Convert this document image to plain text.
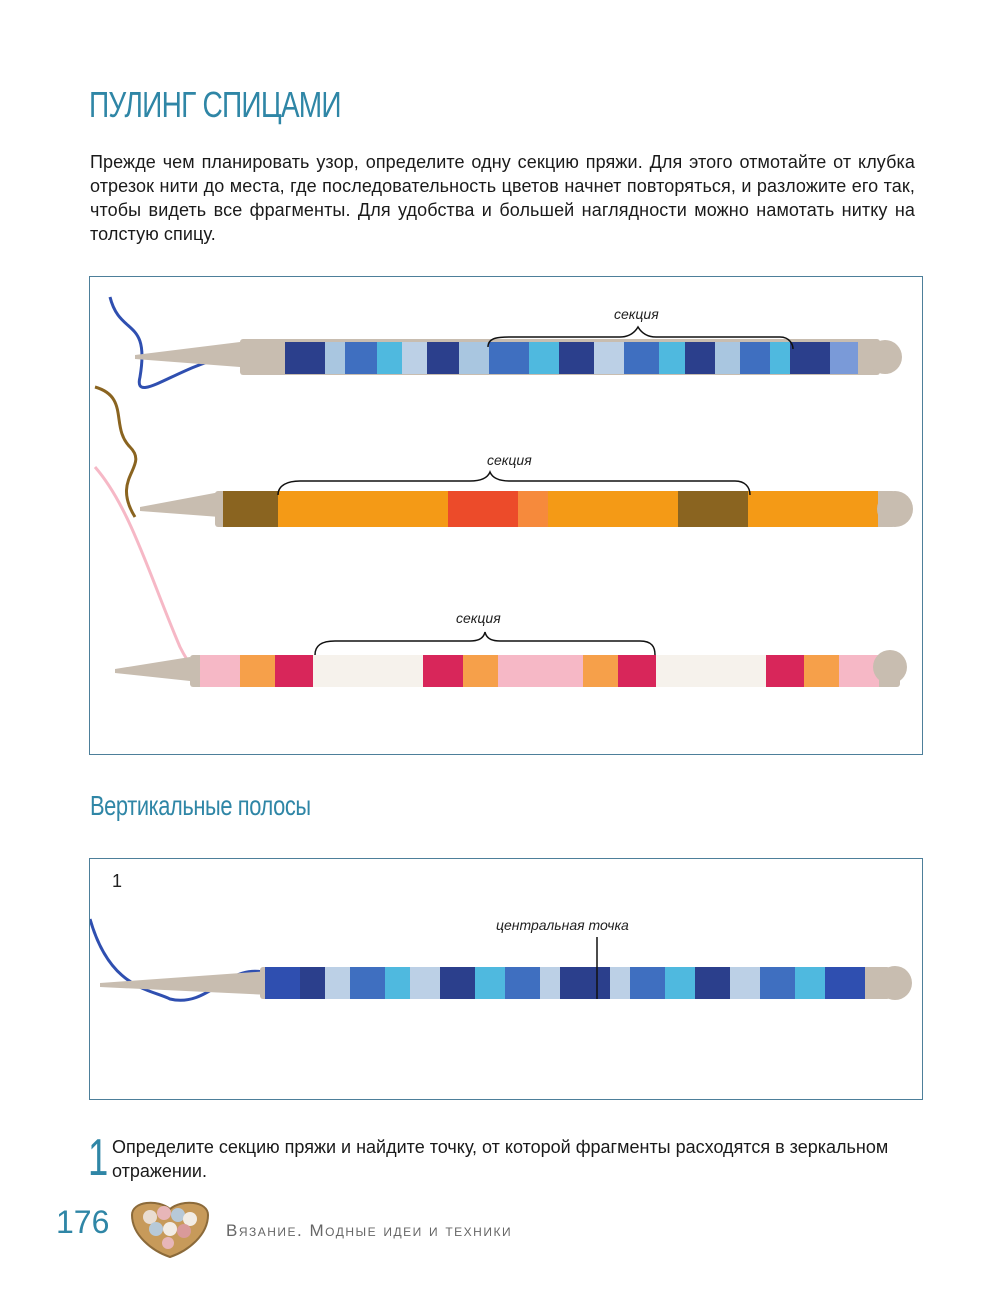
ПУЛИНГ СПИЦАМИ
Прежде чем планировать узор, определите одну секцию пряжи. Для этого отмотайте от клубка отрезок нити до места, где последовательность цветов начнет повторяться, и разложите его так, чтобы видеть все фрагменты. Для удобства и большей наглядности можно намотать нитку на толстую спицу.
секция
секция
секция
Вертикальные полосы
1
центральная точка
1 Определите секцию пряжи и найдите точку, от которой фрагменты расходятся в зеркальном отражении.
176	Вязание. Модные идеи и техники
